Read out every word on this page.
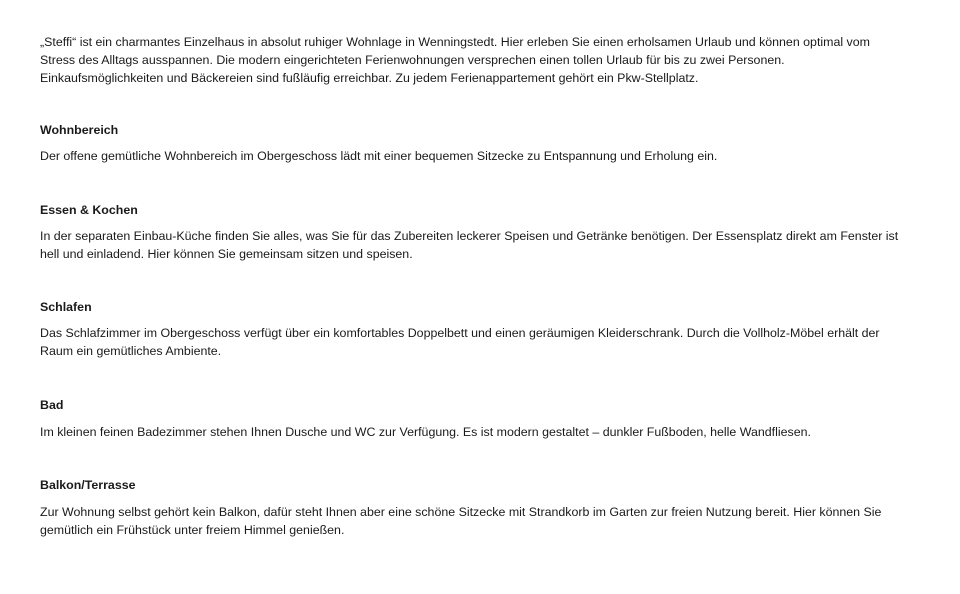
„Steffi“ ist ein charmantes Einzelhaus in absolut ruhiger Wohnlage in Wenningstedt. Hier erleben Sie einen erholsamen Urlaub und können optimal vom Stress des Alltags ausspannen. Die modern eingerichteten Ferienwohnungen versprechen einen tollen Urlaub für bis zu zwei Personen. Einkaufsmöglichkeiten und Bäckereien sind fußläufig erreichbar. Zu jedem Ferienappartement gehört ein Pkw-Stellplatz.

Wohnbereich

Der offene gemütliche Wohnbereich im Obergeschoss lädt mit einer bequemen Sitzecke zu Entspannung und Erholung ein.

Essen & Kochen

In der separaten Einbau-Küche finden Sie alles, was Sie für das Zubereiten leckerer Speisen und Getränke benötigen. Der Essensplatz direkt am Fenster ist hell und einladend. Hier können Sie gemeinsam sitzen und speisen.

Schlafen

Das Schlafzimmer im Obergeschoss verfügt über ein komfortables Doppelbett und einen geräumigen Kleiderschrank. Durch die Vollholz-Möbel erhält der Raum ein gemütliches Ambiente.

Bad

Im kleinen feinen Badezimmer stehen Ihnen Dusche und WC zur Verfügung. Es ist modern gestaltet – dunkler Fußboden, helle Wandfliesen.

Balkon/Terrasse

Zur Wohnung selbst gehört kein Balkon, dafür steht Ihnen aber eine schöne Sitzecke mit Strandkorb im Garten zur freien Nutzung bereit. Hier können Sie gemütlich ein Frühstück unter freiem Himmel genießen.
